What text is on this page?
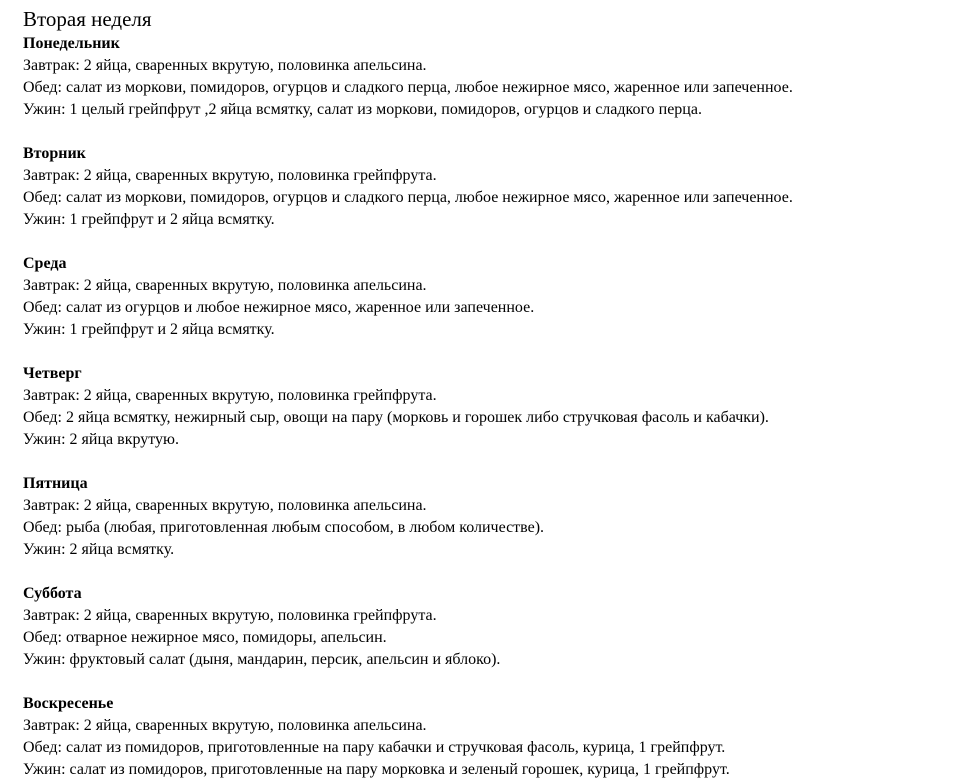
Вторая неделя

Понедельник

Завтрак: 2 яйца, сваренных вкрутую, половинка апельсина.

Обед: салат из моркови, помидоров, огурцов и сладкого перца, любое нежирное мясо, жаренное или запеченное.

Ужин: 1 целый грейпфрут ,2 яйца всмятку, салат из моркови, помидоров, огурцов и сладкого перца.

Вторник

Завтрак: 2 яйца, сваренных вкрутую, половинка грейпфрута.

Обед: салат из моркови, помидоров, огурцов и сладкого перца, любое нежирное мясо, жаренное или запеченное.

Ужин: 1 грейпфрут и 2 яйца всмятку.

Среда

Завтрак: 2 яйца, сваренных вкрутую, половинка апельсина.

Обед: салат из огурцов и любое нежирное мясо, жаренное или запеченное.

Ужин: 1 грейпфрут и 2 яйца всмятку.

Четверг

Завтрак: 2 яйца, сваренных вкрутую, половинка грейпфрута.

Обед: 2 яйца всмятку, нежирный сыр, овощи на пару (морковь и горошек либо стручковая фасоль и кабачки).

Ужин: 2 яйца вкрутую.

Пятница

Завтрак: 2 яйца, сваренных вкрутую, половинка апельсина.

Обед: рыба (любая, приготовленная любым способом, в любом количестве).

Ужин: 2 яйца всмятку.

Суббота

Завтрак: 2 яйца, сваренных вкрутую, половинка грейпфрута.

Обед: отварное нежирное мясо, помидоры, апельсин.

Ужин: фруктовый салат (дыня, мандарин, персик, апельсин и яблоко).

Воскресенье

Завтрак: 2 яйца, сваренных вкрутую, половинка апельсина.

Обед: салат из помидоров, приготовленные на пару кабачки и стручковая фасоль, курица, 1 грейпфрут.

Ужин: салат из помидоров, приготовленные на пару морковка и зеленый горошек, курица, 1 грейпфрут.
